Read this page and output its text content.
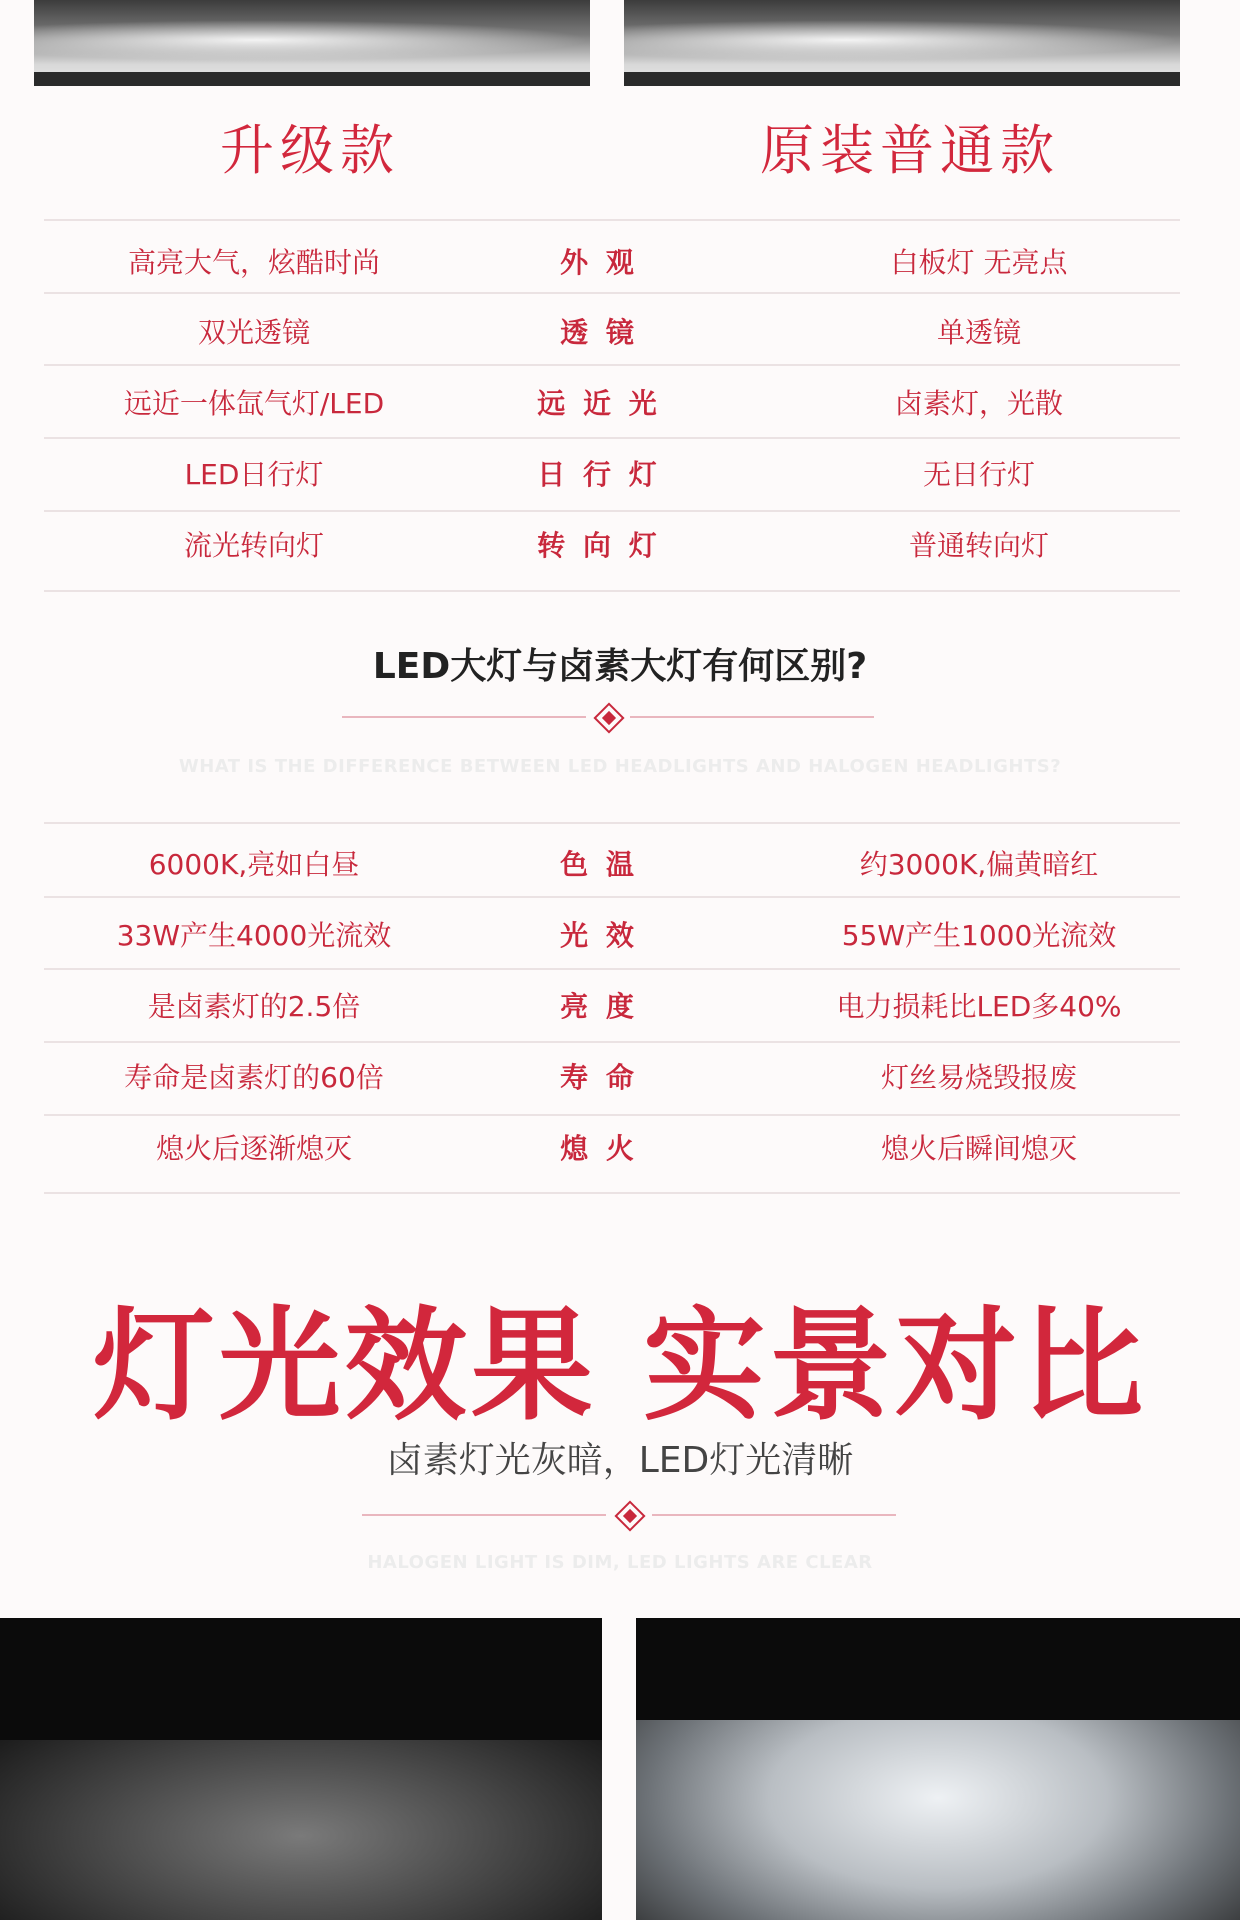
升级款	原装普通款
高亮大气，炫酷时尚	外 观	白板灯 无亮点
双光透镜	透 镜	单透镜
远近一体氙气灯/LED	远 近 光	卤素灯，光散
LED日行灯	日 行 灯	无日行灯
流光转向灯	转 向 灯	普通转向灯
LED大灯与卤素大灯有何区别?
WHAT IS THE DIFFERENCE BETWEEN LED HEADLIGHTS AND HALOGEN HEADLIGHTS?
6000K,亮如白昼	色 温	约3000K,偏黄暗红
33W产生4000光流效	光 效	55W产生1000光流效
是卤素灯的2.5倍	亮 度	电力损耗比LED多40%
寿命是卤素灯的60倍	寿 命	灯丝易烧毁报废
熄火后逐渐熄灭	熄 火	熄火后瞬间熄灭
灯光效果 实景对比
卤素灯光灰暗，LED灯光清晰
HALOGEN LIGHT IS DIM, LED LIGHTS ARE CLEAR
